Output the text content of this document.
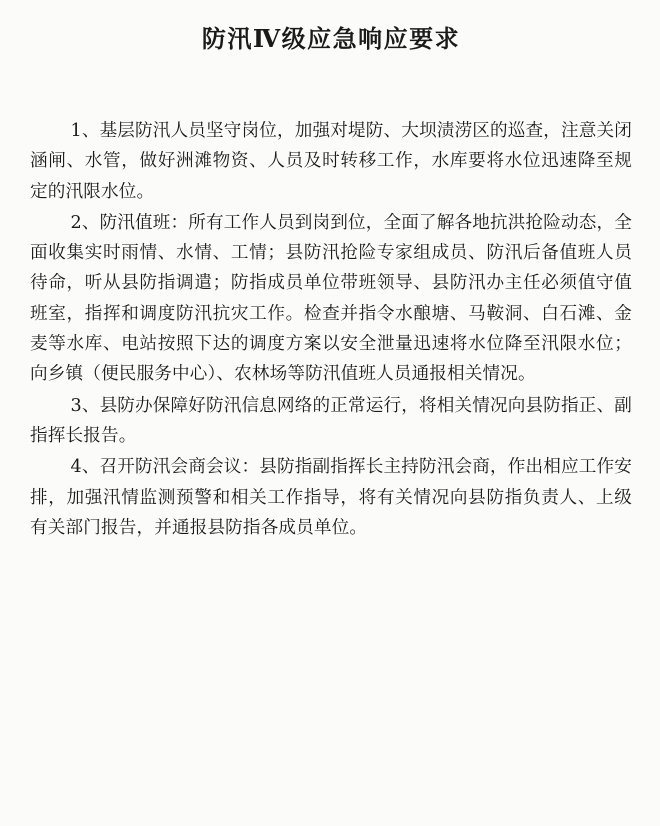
防汛Ⅳ级应急响应要求

1、基层防汛人员坚守岗位，加强对堤防、大坝渍涝区的巡查，注意关闭涵闸、水管，做好洲滩物资、人员及时转移工作，水库要将水位迅速降至规定的汛限水位。

2、防汛值班：所有工作人员到岗到位，全面了解各地抗洪抢险动态，全面收集实时雨情、水情、工情；县防汛抢险专家组成员、防汛后备值班人员待命，听从县防指调遣；防指成员单位带班领导、县防汛办主任必须值守值班室，指挥和调度防汛抗灾工作。检查并指令水酿塘、马鞍洞、白石滩、金麦等水库、电站按照下达的调度方案以安全泄量迅速将水位降至汛限水位；向乡镇（便民服务中心）、农林场等防汛值班人员通报相关情况。

3、县防办保障好防汛信息网络的正常运行，将相关情况向县防指正、副指挥长报告。

4、召开防汛会商会议：县防指副指挥长主持防汛会商，作出相应工作安排，加强汛情监测预警和相关工作指导，将有关情况向县防指负责人、上级有关部门报告，并通报县防指各成员单位。
